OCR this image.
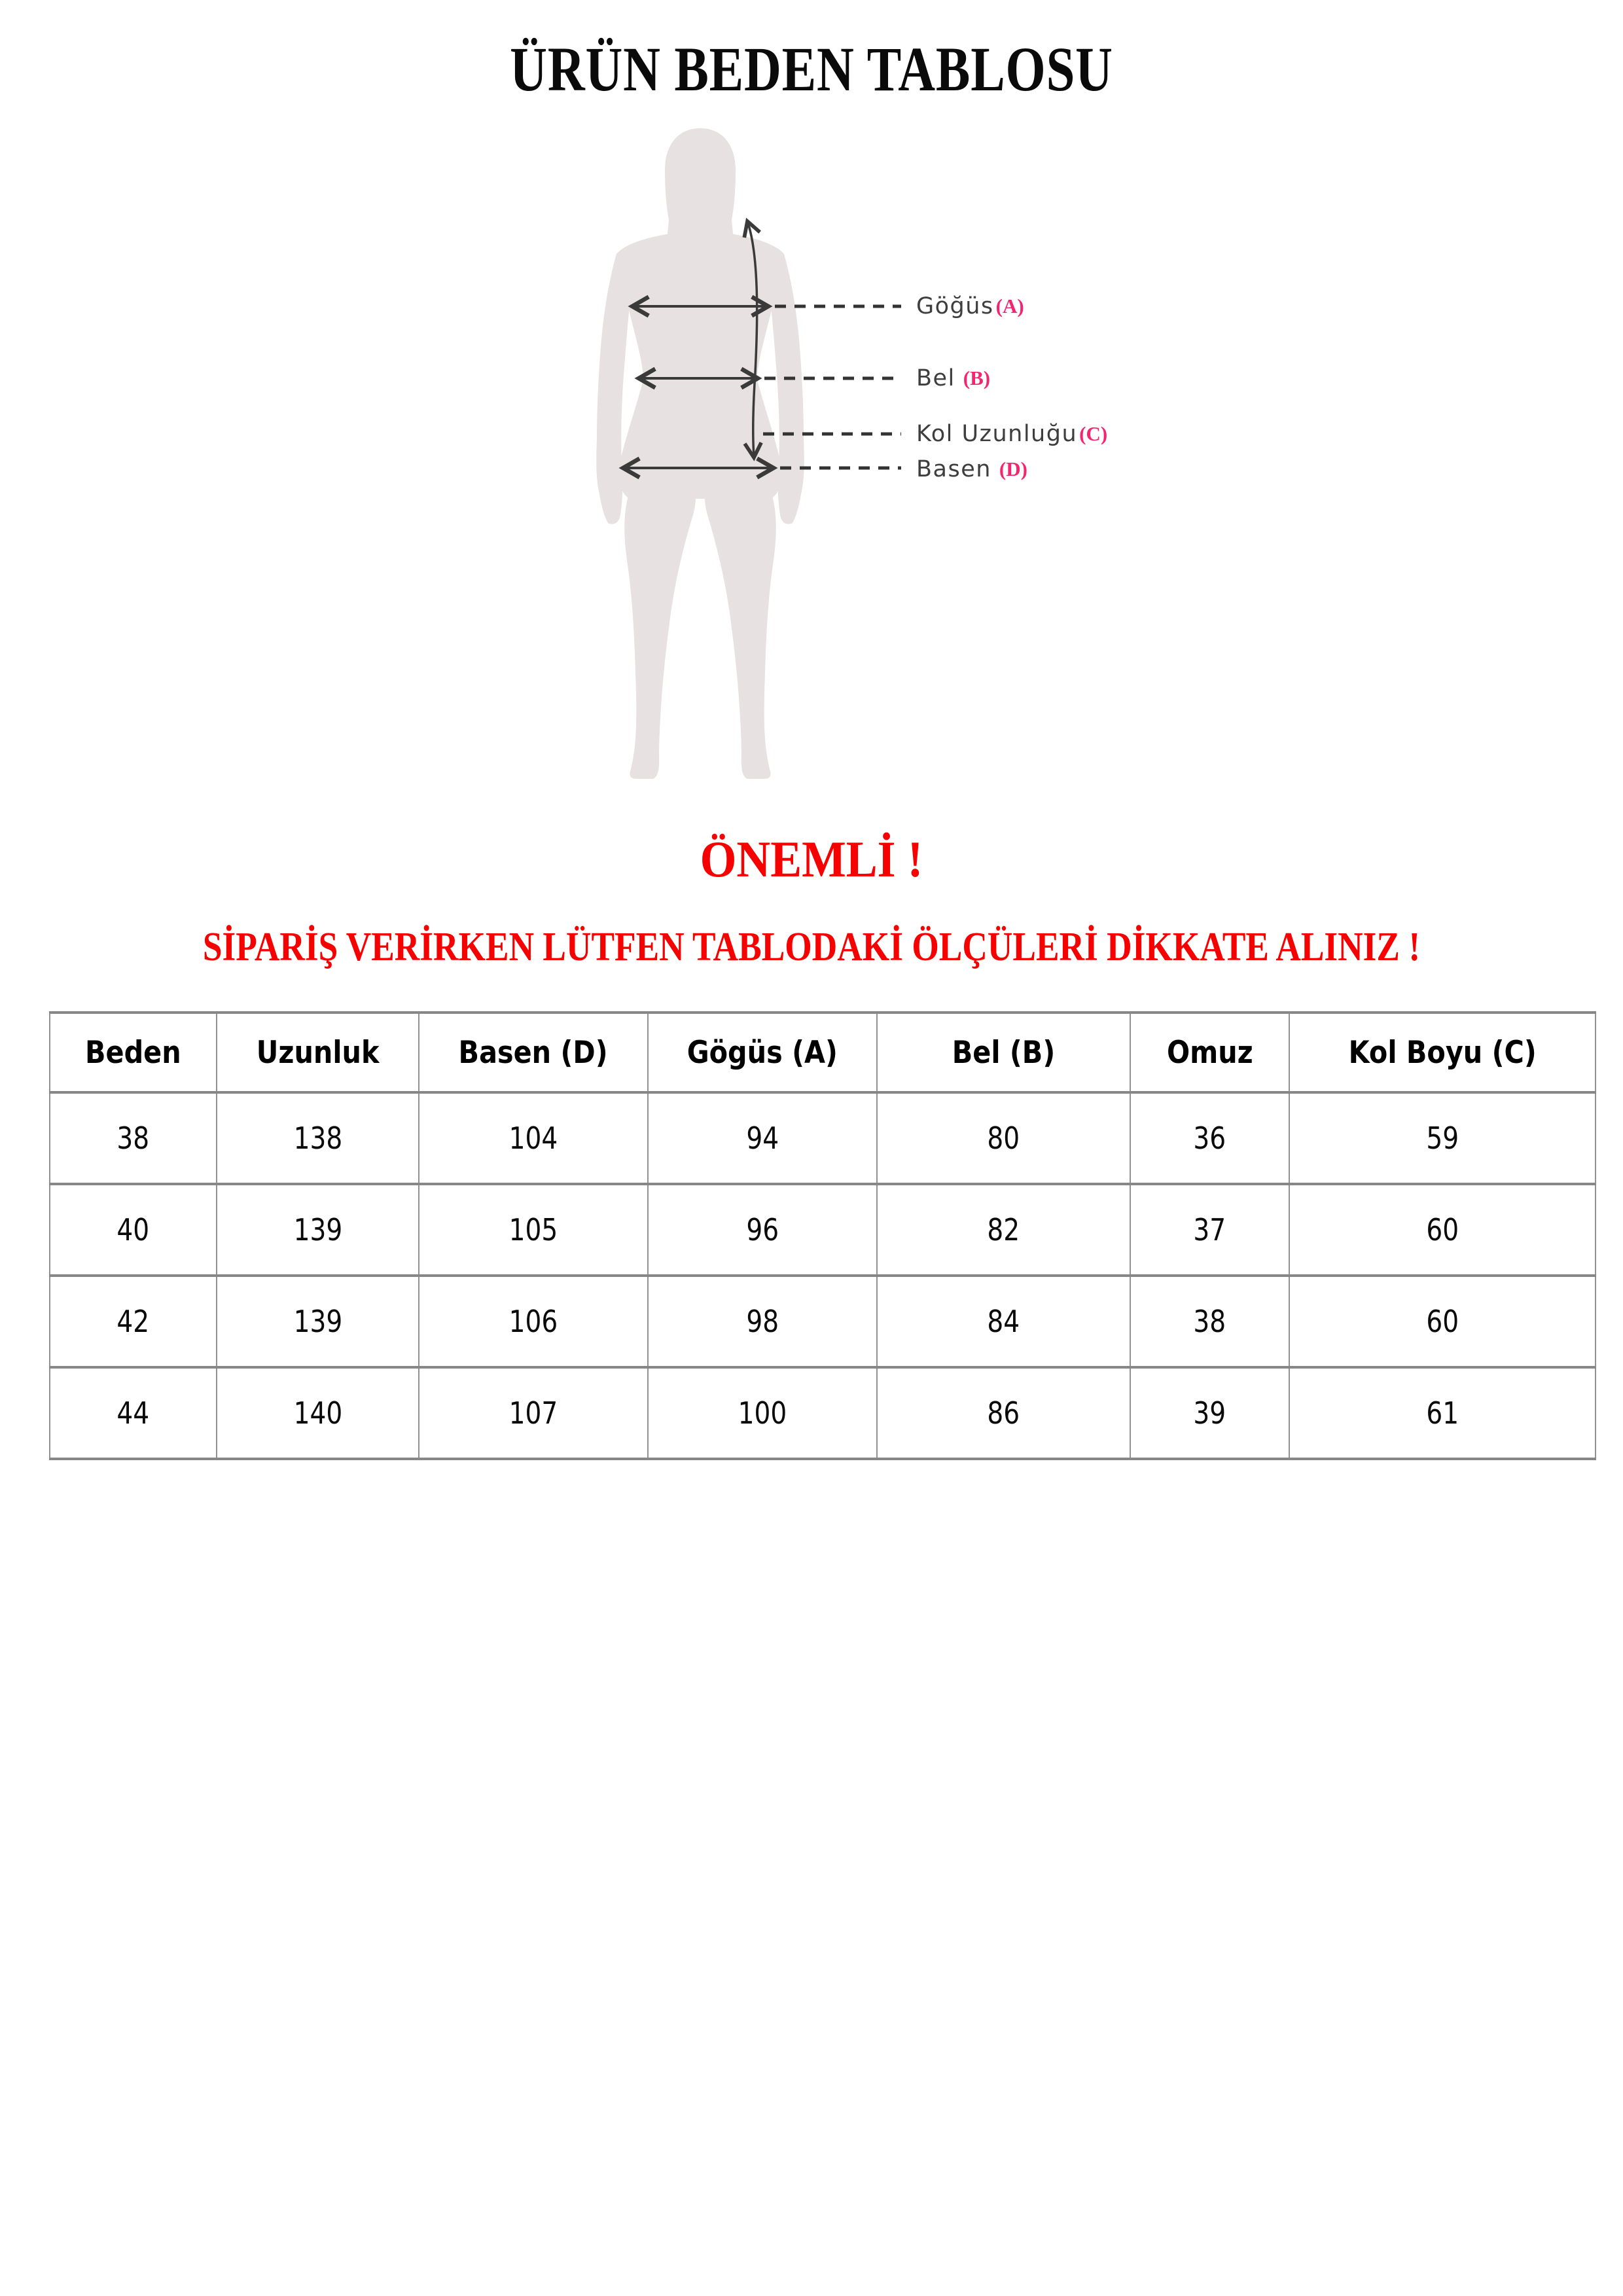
ÜRÜN BEDEN TABLOSU
Göğüs (A)
Bel (B)
Kol Uzunluğu (C)
Basen (D)
ÖNEMLİ !
SİPARİŞ VERİRKEN LÜTFEN TABLODAKİ ÖLÇÜLERİ DİKKATE ALINIZ !
Beden	Uzunluk	Basen (D)	Gögüs (A)	Bel (B)	Omuz	Kol Boyu (C)
38	138	104	94	80	36	59
40	139	105	96	82	37	60
42	139	106	98	84	38	60
44	140	107	100	86	39	61
